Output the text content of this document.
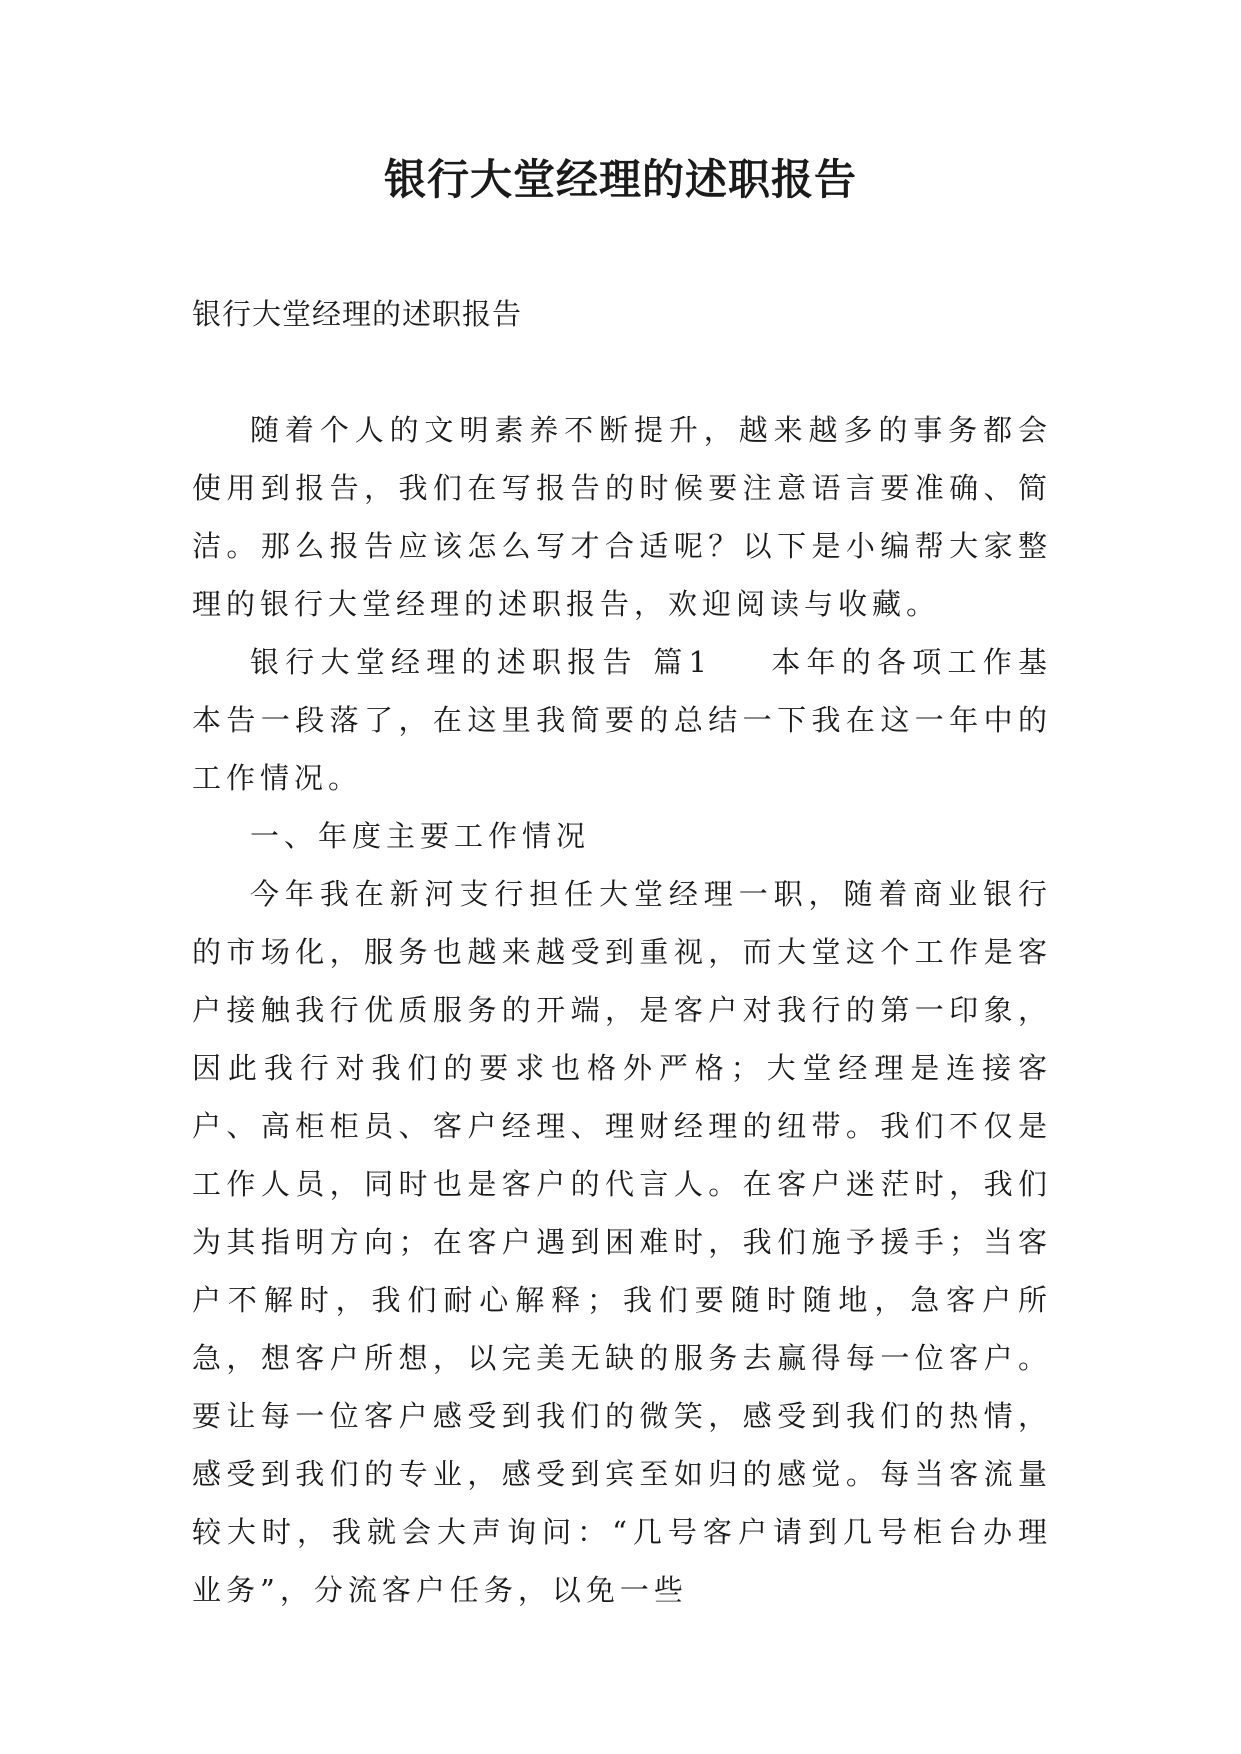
银行大堂经理的述职报告

银行大堂经理的述职报告

随着个人的文明素养不断提升，越来越多的事务都会使用到报告，我们在写报告的时候要注意语言要准确、简洁。那么报告应该怎么写才合适呢？以下是小编帮大家整理的银行大堂经理的述职报告，欢迎阅读与收藏。

银行大堂经理的述职报告 篇1 本年的各项工作基本告一段落了，在这里我简要的总结一下我在这一年中的工作情况。

一、年度主要工作情况

今年我在新河支行担任大堂经理一职，随着商业银行的市场化，服务也越来越受到重视，而大堂这个工作是客户接触我行优质服务的开端，是客户对我行的第一印象，因此我行对我们的要求也格外严格；大堂经理是连接客户、高柜柜员、客户经理、理财经理的纽带。我们不仅是工作人员，同时也是客户的代言人。在客户迷茫时，我们为其指明方向；在客户遇到困难时，我们施予援手；当客户不解时，我们耐心解释；我们要随时随地，急客户所急，想客户所想，以完美无缺的服务去赢得每一位客户。要让每一位客户感受到我们的微笑，感受到我们的热情，感受到我们的专业，感受到宾至如归的感觉。每当客流量较大时，我就会大声询问：“几号客户请到几号柜台办理业务”，分流客户任务，以免一些
